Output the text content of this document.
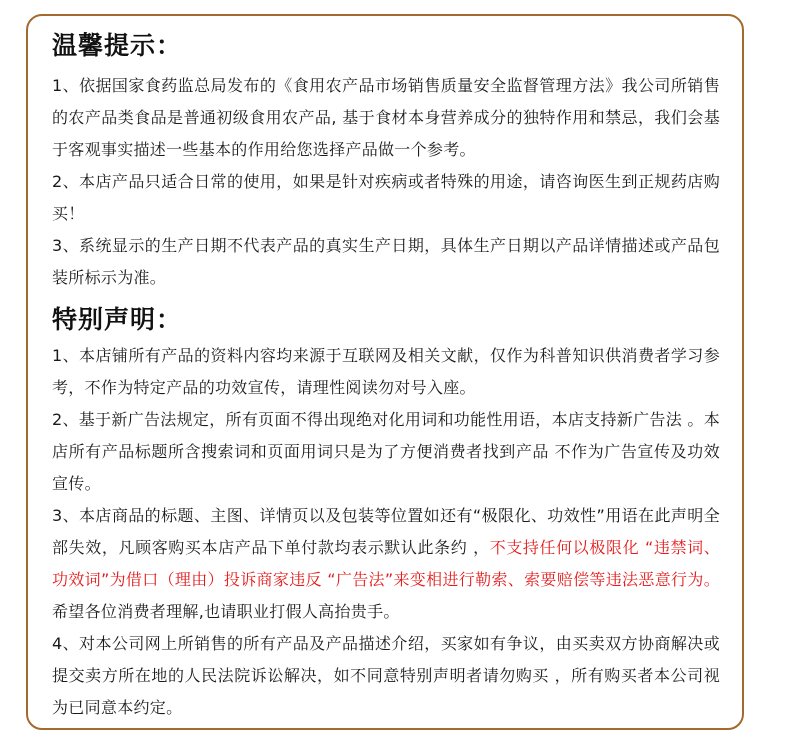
温馨提示：

1、依据国家食药监总局发布的《食用农产品市场销售质量安全监督管理方法》我公司所销售的农产品类食品是普通初级食用农产品, 基于食材本身营养成分的独特作用和禁忌，我们会基于客观事实描述一些基本的作用给您选择产品做一个参考。

2、本店产品只适合日常的使用，如果是针对疾病或者特殊的用途，请咨询医生到正规药店购买！

3、系统显示的生产日期不代表产品的真实生产日期，具体生产日期以产品详情描述或产品包装所标示为准。

特别声明：

1、本店铺所有产品的资料内容均来源于互联网及相关文献，仅作为科普知识供消费者学习参考，不作为特定产品的功效宣传，请理性阅读勿对号入座。

2、基于新广告法规定，所有页面不得出现绝对化用词和功能性用语，本店支持新广告法 。本店所有产品标题所含搜索词和页面用词只是为了方便消费者找到产品 不作为广告宣传及功效宣传。

3、本店商品的标题、主图、详情页以及包装等位置如还有“极限化、功效性”用语在此声明全部失效，凡顾客购买本店产品下单付款均表示默认此条约 ，不支持任何以极限化 “违禁词、功效词”为借口（理由）投诉商家违反 “广告法”来变相进行勒索、索要赔偿等违法恶意行为。希望各位消费者理解,也请职业打假人高抬贵手。

4、对本公司网上所销售的所有产品及产品描述介绍，买家如有争议，由买卖双方协商解决或提交卖方所在地的人民法院诉讼解决，如不同意特别声明者请勿购买 ，所有购买者本公司视为已同意本约定。
